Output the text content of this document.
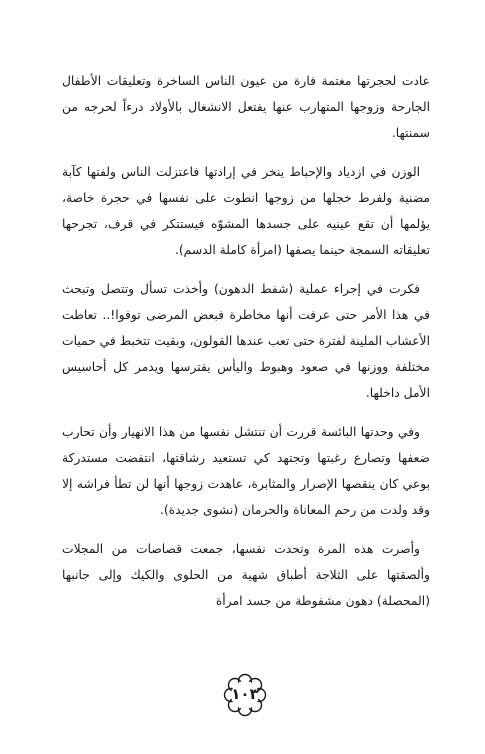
عادت لحجرتها مغتمة فارة من عيون الناس الساخرة وتعليقات الأطفال الجارحة وزوجها المتهارب عنها يفتعل الانشغال بالأولاد درءاً لحرجه من سمنتها.

الوزن في ازدياد والإحباط ينخر في إرادتها فاعتزلت الناس ولفتها كآبة مضنية ولفرط خجلها من زوجها انطوت على نفسها في حجرة خاصة، يؤلمها أن تقع عينيه على جسدها المشوّه فيستتكر في قرف، تجرحها تعليقاته السمجة حينما يصفها (امرأة كاملة الدسم).

فكرت في إجراء عملية (شفط الدهون) وأخذت تسأل وتتصل وتبحث في هذا الأمر حتى عرفت أنها مخاطرة فبعض المرضى توفوا!.. تعاطت الأعشاب الملينة لفترة حتى تعب عندها القولون، وبقيت تتخبط في حميات مختلفة ووزنها في صعود وهبوط واليأس يفترسها ويدمر كل أحاسيس الأمل داخلها.

وفي وحدتها البائسة قررت أن تنتشل نفسها من هذا الانهيار وأن تحارب ضعفها وتصارع رغبتها وتجتهد كي تستعيد رشاقتها، انتفضت مستدركة بوعي كان ينقصها الإصرار والمثابرة، عاهدت زوجها أنها لن تطأ فراشه إلا وقد ولدت من رحم المعاناة والحرمان (نشوى جديدة).

وأصرت هذه المرة وتحدت نفسها، جمعت قصاصات من المجلات وألصقتها على الثلاجة أطباق شهية من الحلوى والكيك وإلى جانبها (المحصلة) دهون مشفوطة من جسد امرأة

١٠٣
